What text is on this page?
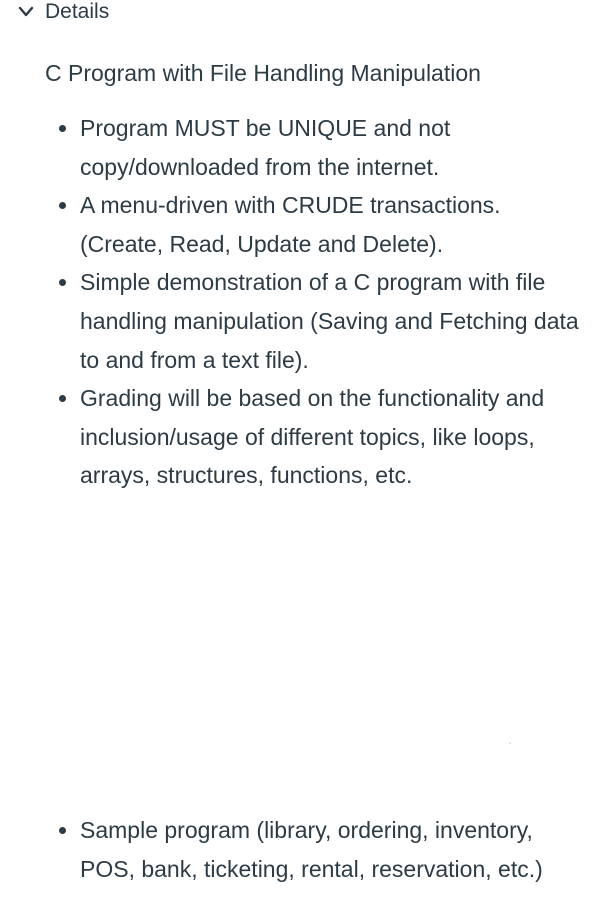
Details
C Program with File Handling Manipulation
Program MUST be UNIQUE and not copy/downloaded from the internet.
A menu-driven with CRUDE transactions. (Create, Read, Update and Delete).
Simple demonstration of a C program with file handling manipulation (Saving and Fetching data to and from a text file).
Grading will be based on the functionality and inclusion/usage of different topics, like loops, arrays, structures, functions, etc.
Sample program (library, ordering, inventory, POS, bank, ticketing, rental, reservation, etc.)
